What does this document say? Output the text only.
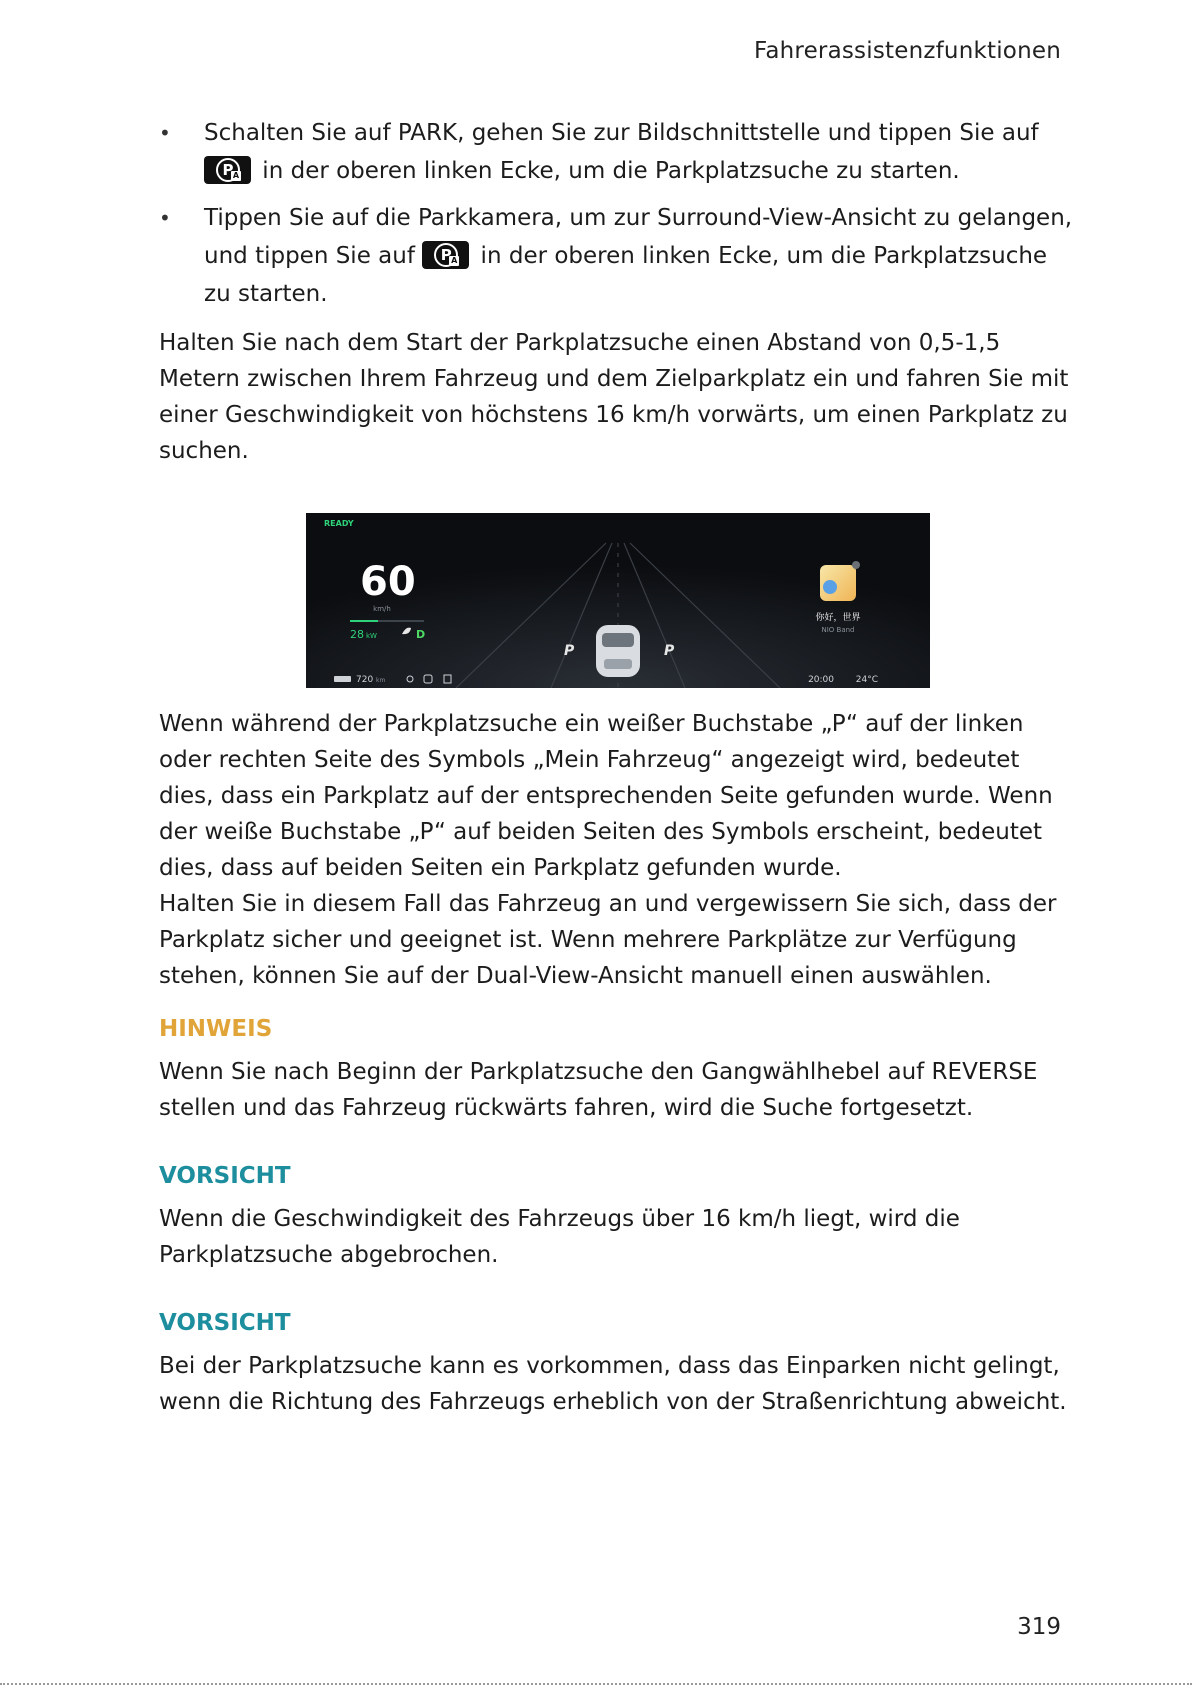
Fahrerassistenzfunktionen
• Schalten Sie auf PARK, gehen Sie zur Bildschnittstelle und tippen Sie auf
P A in der oberen linken Ecke, um die Parkplatzsuche zu starten.
• Tippen Sie auf die Parkkamera, um zur Surround-View-Ansicht zu gelangen, und tippen Sie auf P A in der oberen linken Ecke, um die Parkplatzsuche zu starten.

Halten Sie nach dem Start der Parkplatzsuche einen Abstand von 0,5-1,5 Metern zwischen Ihrem Fahrzeug und dem Zielparkplatz ein und fahren Sie mit einer Geschwindigkeit von höchstens 16 km/h vorwärts, um einen Parkplatz zu suchen.

P	P
READY
60
km/h
28 kW	D
720 km
你好，世界
NIO Band
20:00 24°C

Wenn während der Parkplatzsuche ein weißer Buchstabe „P“ auf der linken oder rechten Seite des Symbols „Mein Fahrzeug“ angezeigt wird, bedeutet dies, dass ein Parkplatz auf der entsprechenden Seite gefunden wurde. Wenn der weiße Buchstabe „P“ auf beiden Seiten des Symbols erscheint, bedeutet dies, dass auf beiden Seiten ein Parkplatz gefunden wurde.

Halten Sie in diesem Fall das Fahrzeug an und vergewissern Sie sich, dass der Parkplatz sicher und geeignet ist. Wenn mehrere Parkplätze zur Verfügung stehen, können Sie auf der Dual-View-Ansicht manuell einen auswählen.

HINWEIS

Wenn Sie nach Beginn der Parkplatzsuche den Gangwählhebel auf REVERSE stellen und das Fahrzeug rückwärts fahren, wird die Suche fortgesetzt.

VORSICHT

Wenn die Geschwindigkeit des Fahrzeugs über 16 km/h liegt, wird die Parkplatzsuche abgebrochen.

VORSICHT

Bei der Parkplatzsuche kann es vorkommen, dass das Einparken nicht gelingt, wenn die Richtung des Fahrzeugs erheblich von der Straßenrichtung abweicht.

319
